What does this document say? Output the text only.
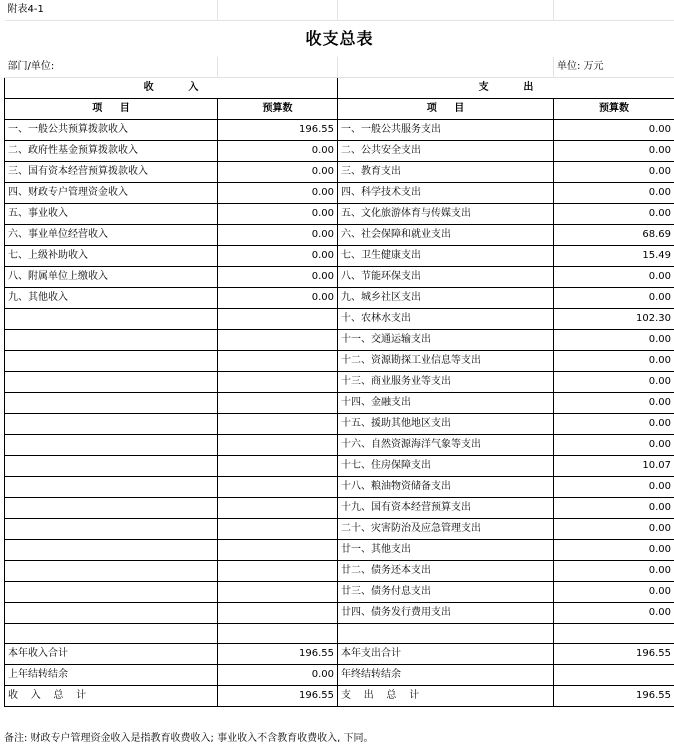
附表4-1			
收支总表			
部门/单位:			单位: 万元
收          入		支          出	
项     目	预算数	项     目	预算数
一、一般公共预算拨款收入	196.55	一、一般公共服务支出	0.00
二、政府性基金预算拨款收入	0.00	二、公共安全支出	0.00
三、国有资本经营预算拨款收入	0.00	三、教育支出	0.00
四、财政专户管理资金收入	0.00	四、科学技术支出	0.00
五、事业收入	0.00	五、文化旅游体育与传媒支出	0.00
六、事业单位经营收入	0.00	六、社会保障和就业支出	68.69
七、上级补助收入	0.00	七、卫生健康支出	15.49
八、附属单位上缴收入	0.00	八、节能环保支出	0.00
九、其他收入	0.00	九、城乡社区支出	0.00
		十、农林水支出	102.30
		十一、交通运输支出	0.00
		十二、资源勘探工业信息等支出	0.00
		十三、商业服务业等支出	0.00
		十四、金融支出	0.00
		十五、援助其他地区支出	0.00
		十六、自然资源海洋气象等支出	0.00
		十七、住房保障支出	10.07
		十八、粮油物资储备支出	0.00
		十九、国有资本经营预算支出	0.00
		二十、灾害防治及应急管理支出	0.00
		廿一、其他支出	0.00
		廿二、债务还本支出	0.00
		廿三、债务付息支出	0.00
		廿四、债务发行费用支出	0.00

本年收入合计	196.55	本年支出合计	196.55
上年结转结余	0.00	年终结转结余	
收    入    总    计	196.55	支    出    总    计	196.55
备注: 财政专户管理资金收入是指教育收费收入; 事业收入不含教育收费收入, 下同。
